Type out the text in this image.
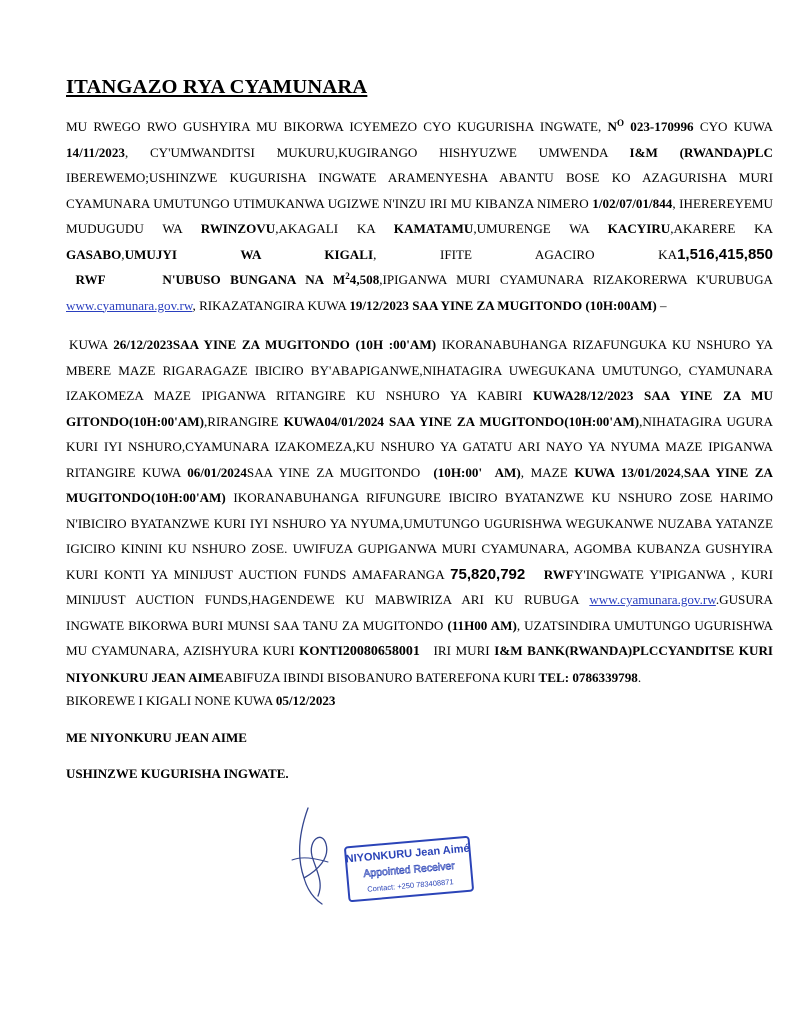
ITANGAZO RYA CYAMUNARA

MU RWEGO RWO GUSHYIRA MU BIKORWA ICYEMEZO CYO KUGURISHA INGWATE, $N^O$ 023-170996 CYO KUWA 14/11/2023, CY'UMWANDITSI MUKURU,KUGIRANGO HISHYUZWE UMWENDA I&M (RWANDA)PLC IBEREWEMO;USHINZWE KUGURISHA INGWATE ARAMENYESHA ABANTU BOSE KO AZAGURISHA MURI CYAMUNARA UMUTUNGO UTIMUKANWA UGIZWE N'INZU IRI MU KIBANZA NIMERO 1/02/07/01/844, IHEREREYEMU MUDUGUDU WA RWINZOVU,AKAGALI KA KAMATAMU,UMURENGE WA KACYIRU,AKARERE KA GASABO,UMUJYI WA KIGALI, IFITE AGACIRO KA1,516,415,850 RWF      N'UBUSO BUNGANA NA $M^24,508,IPIGANWA$ MURI CYAMUNARA RIZAKORERWA K'URUBUGA www.cyamunara.gov.rw, RIKAZATANGIRA KUWA 19/12/2023 SAA YINE ZA MUGITONDO (10H:00AM) –

KUWA 26/12/2023SAA YINE ZA MUGITONDO (10H :00'AM) IKORANABUHANGA RIZAFUNGUKA KU NSHURO YA MBERE MAZE RIGARAGAZE IBICIRO BY'ABAPIGANWE,NIHATAGIRA UWEGUKANA UMUTUNGO, CYAMUNARA IZAKOMEZA MAZE IPIGANWA RITANGIRE KU NSHURO YA KABIRI KUWA28/12/2023 SAA YINE ZA MU GITONDO(10H:00'AM),RIRANGIRE KUWA04/01/2024 SAA YINE ZA MUGITONDO(10H:00'AM),NIHATAGIRA UGURA KURI IYI NSHURO,CYAMUNARA IZAKOMEZA,KU NSHURO YA GATATU ARI NAYO YA NYUMA MAZE IPIGANWA RITANGIRE KUWA 06/01/2024SAA YINE ZA MUGITONDO  (10H:00'  AM), MAZE KUWA 13/01/2024,SAA YINE ZA MUGITONDO(10H:00'AM) IKORANABUHANGA RIFUNGURE IBICIRO BYATANZWE KU NSHURO ZOSE HARIMO N'IBICIRO BYATANZWE KURI IYI NSHURO YA NYUMA,UMUTUNGO UGURISHWA WEGUKANWE NUZABA YATANZE IGICIRO KININI KU NSHURO ZOSE. UWIFUZA GUPIGANWA MURI CYAMUNARA, AGOMBA KUBANZA GUSHYIRA KURI KONTI YA MINIJUST AUCTION FUNDS AMAFARANGA 75,820,792 RWFY'INGWATE Y'IPIGANWA , KURI MINIJUST AUCTION FUNDS,HAGENDEWE KU MABWIRIZA ARI KU RUBUGA www.cyamunara.gov.rw.GUSURA INGWATE BIKORWA BURI MUNSI SAA TANU ZA MUGITONDO (11H00 AM), UZATSINDIRA UMUTUNGO UGURISHWA MU CYAMUNARA, AZISHYURA KURI KONTI20080658001   IRI MURI I&M BANK(RWANDA)PLCCYANDITSE KURI NIYONKURU JEAN AIMEABIFUZA IBINDI BISOBANURO BATEREFONA KURI TEL: 0786339798.

BIKOREWE I KIGALI NONE KUWA 05/12/2023

ME NIYONKURU JEAN AIME

USHINZWE KUGURISHA INGWATE.

NIYONKURU Jean Aimé
Appointed Receiver
Contact: +250 783408871
